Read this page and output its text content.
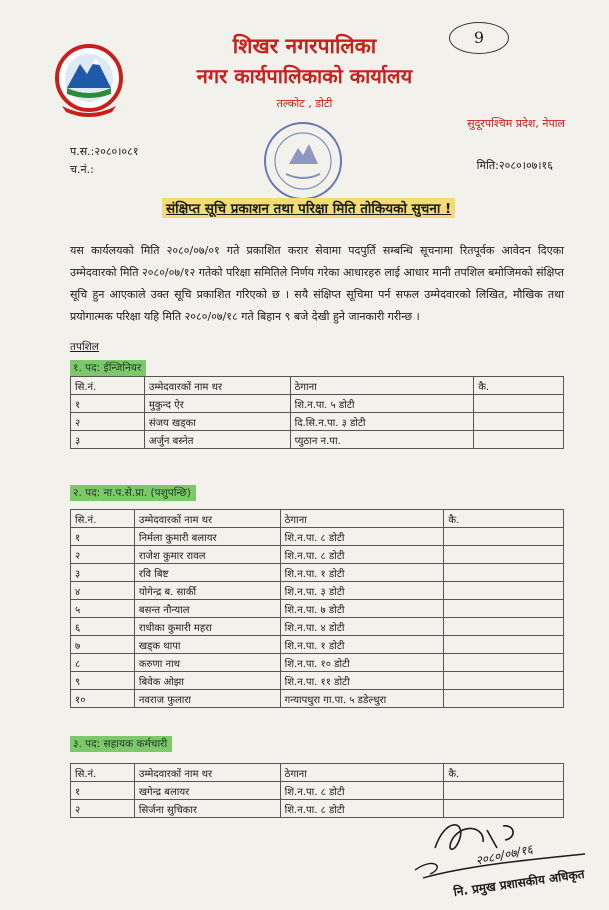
9
शिखर नगरपालिका
नगर कार्यपालिकाको कार्यालय
तल्कोट , डोटी
सुदूरपश्चिम प्रदेश, नेपाल
प.स.:२०८०।०८१
च.नं.:	मिति:२०८०।०७।१६
संक्षिप्त सूचि प्रकाशन तथा परिक्षा मिति तोकियको सुचना !
यस कार्यलयको मिति २०८०/०७/०१ गते प्रकाशित करार सेवामा पदपुर्ति सम्बन्धि सूचनामा रितपूर्वक आवेदन दिएका उम्मेदवारको मिति २०८०/०७/१२ गतेको परिक्षा समितिले निर्णय गरेका आधारहरु लाई आधार मानी तपशिल बमोजिमको संक्षिप्त सूचि हुन आएकाले उक्त सूचि प्रकाशित गरिएको छ । सयै संक्षिप्त सूचिमा पर्न सफल उम्मेदवारको लिखित, मौखिक तथा प्रयोगात्मक परिक्षा यहि मिति २०८०/०७/१८ गते बिहान ९ बजे देखी हुने जानकारी गरीन्छ ।
तपशिल
१. पद: ईन्जिनियर
सि.नं.	उम्मेदवारकों नाम थर	ठेगाना	कै.
१	मुकुन्द ऐर	शि.न.पा. ५ डोटी	
२	संजय खड्का	दि.सि.न.पा. ३ डोटी	
३	अर्जुन बस्नेत	प्युठान न.पा.	
२. पद: ना.प.से.प्रा. (पशुपन्छि)
सि.नं.	उम्मेदवारकों नाम थर	ठेगाना	कै.
१	निर्मला कुमारी बलायर	शि.न.पा. ८ डोटी	
२	राजेश कुमार रावल	शि.न.पा. ८ डोटी	
३	रवि बिष्ट	शि.न.पा. १ डोटी	
४	योगेन्द्र ब. सार्की	शि.न.पा. ३ डोटी	
५	बसन्त नौन्याल	शि.न.पा. ७ डोटी	
६	राधीका कुमारी महरा	शि.न.पा. ४ डोटी	
७	खड्क थापा	शि.न.पा. १ डोटी	
८	करुणा नाथ	शि.न.पा. १० डोटी	
९	बिवेक ओझा	शि.न.पा. ११ डोटी	
१०	नवराज फुलारा	गन्यापधुरा गा.पा. ५ डडेल्धुरा	
३. पद: सहायक कर्मचारी
सि.नं.	उम्मेदवारकों नाम थर	ठेगाना	कै.
१	खगेन्द्र बलायर	शि.न.पा. ८ डोटी	
२	सिर्जना सुचिकार	शि.न.पा. ८ डोटी	
२०८०/०७/१६
नि. प्रमुख प्रशासकीय अधिकृत
